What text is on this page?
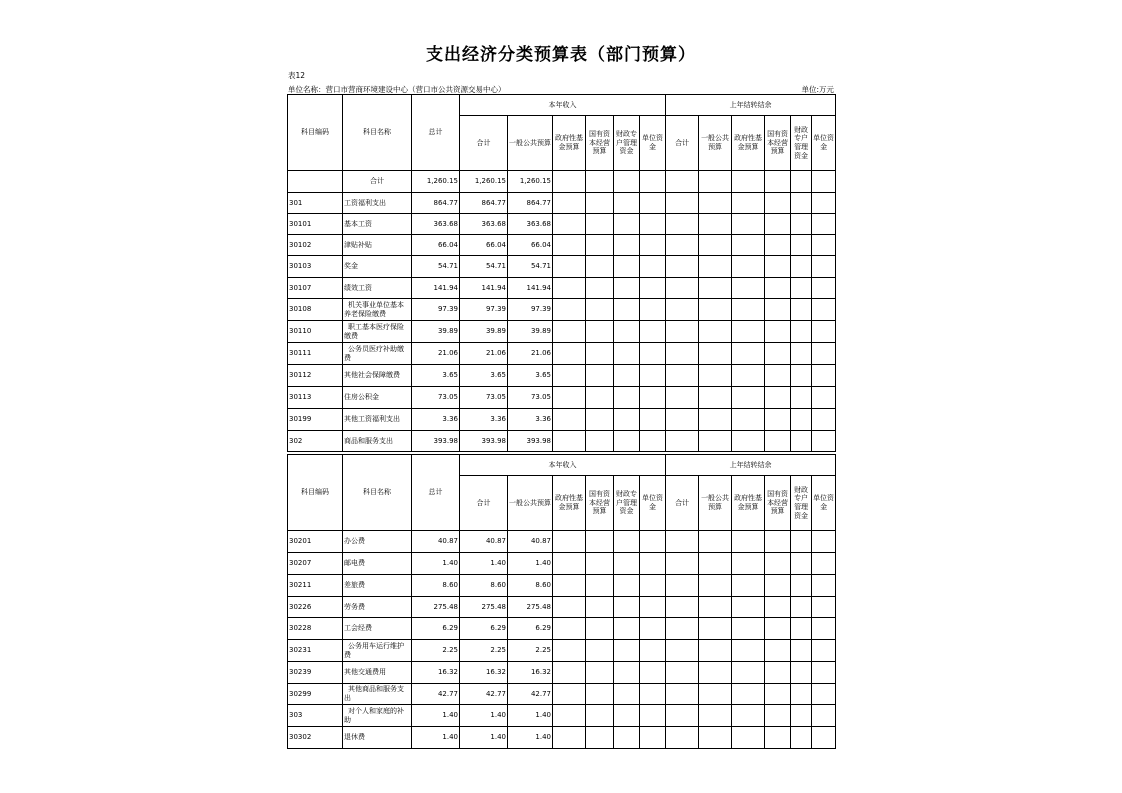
支出经济分类预算表（部门预算）
表12
单位名称：营口市营商环境建设中心（营口市公共资源交易中心）	单位:万元
科目编码	科目名称	总计	本年收入						上年结转结余					
			合计	一般公共预算	政府性基金预算	国有资本经营预算	财政专户管理资金	单位资金	合计	一般公共预算	政府性基金预算	国有资本经营预算	财政专户管理资金	单位资金
	合计	1,260.15	1,260.15	1,260.15										
301	工资福利支出	864.77	864.77	864.77										
30101	基本工资	363.68	363.68	363.68										
30102	津贴补贴	66.04	66.04	66.04										
30103	奖金	54.71	54.71	54.71										
30107	绩效工资	141.94	141.94	141.94										
30108	机关事业单位基本养老保险缴费	97.39	97.39	97.39										
30110	职工基本医疗保险缴费	39.89	39.89	39.89										
30111	公务员医疗补助缴费	21.06	21.06	21.06										
30112	其他社会保障缴费	3.65	3.65	3.65										
30113	住房公积金	73.05	73.05	73.05										
30199	其他工资福利支出	3.36	3.36	3.36										
302	商品和服务支出	393.98	393.98	393.98										
科目编码	科目名称	总计	本年收入						上年结转结余					
			合计	一般公共预算	政府性基金预算	国有资本经营预算	财政专户管理资金	单位资金	合计	一般公共预算	政府性基金预算	国有资本经营预算	财政专户管理资金	单位资金
30201	办公费	40.87	40.87	40.87										
30207	邮电费	1.40	1.40	1.40										
30211	差旅费	8.60	8.60	8.60										
30226	劳务费	275.48	275.48	275.48										
30228	工会经费	6.29	6.29	6.29										
30231	公务用车运行维护费	2.25	2.25	2.25										
30239	其他交通费用	16.32	16.32	16.32										
30299	其他商品和服务支出	42.77	42.77	42.77										
303	对个人和家庭的补助	1.40	1.40	1.40										
30302	退休费	1.40	1.40	1.40										
